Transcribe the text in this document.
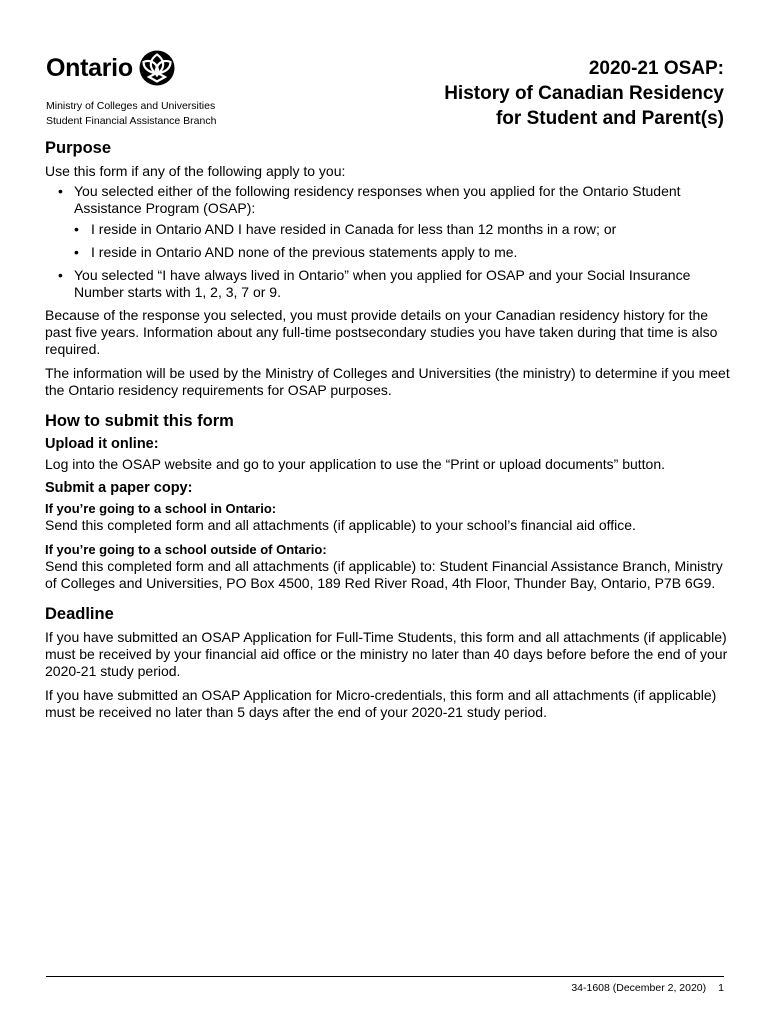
Ontario
Ministry of Colleges and Universities
Student Financial Assistance Branch
2020-21 OSAP:
History of Canadian Residency
for Student and Parent(s)
Purpose

Use this form if any of the following apply to you:

• You selected either of the following residency responses when you applied for the Ontario Student Assistance Program (OSAP):
• I reside in Ontario AND I have resided in Canada for less than 12 months in a row; or
• I reside in Ontario AND none of the previous statements apply to me.
• You selected “I have always lived in Ontario” when you applied for OSAP and your Social Insurance Number starts with 1, 2, 3, 7 or 9.

Because of the response you selected, you must provide details on your Canadian residency history for the past five years. Information about any full-time postsecondary studies you have taken during that time is also required.

The information will be used by the Ministry of Colleges and Universities (the ministry) to determine if you meet the Ontario residency requirements for OSAP purposes.

How to submit this form
Upload it online:

Log into the OSAP website and go to your application to use the “Print or upload documents” button.

Submit a paper copy:
If you’re going to a school in Ontario:

Send this completed form and all attachments (if applicable) to your school’s financial aid office.

If you’re going to a school outside of Ontario:

Send this completed form and all attachments (if applicable) to: Student Financial Assistance Branch, Ministry of Colleges and Universities, PO Box 4500, 189 Red River Road, 4th Floor, Thunder Bay, Ontario, P7B 6G9.

Deadline

If you have submitted an OSAP Application for Full-Time Students, this form and all attachments (if applicable) must be received by your financial aid office or the ministry no later than 40 days before before the end of your 2020-21 study period.

If you have submitted an OSAP Application for Micro-credentials, this form and all attachments (if applicable) must be received no later than 5 days after the end of your 2020-21 study period.

34-1608 (December 2, 2020) 1
